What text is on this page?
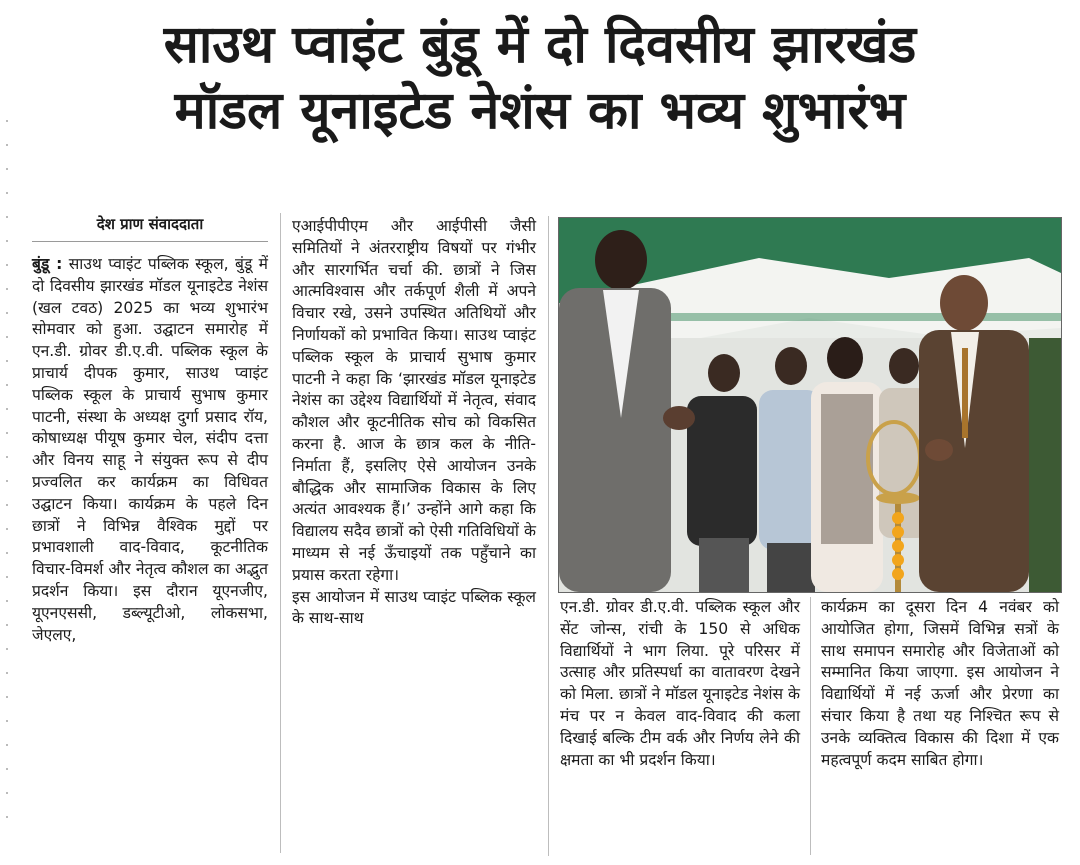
साउथ प्वाइंट बुंडू में दो दिवसीय झारखंड
मॉडल यूनाइटेड नेशंस का भव्य शुभारंभ
देश प्राण संवाददाता

बुंडू : साउथ प्वाइंट पब्लिक स्कूल, बुंडू में दो दिवसीय झारखंड मॉडल यूनाइटेड नेशंस (खल टवठ) 2025 का भव्य शुभारंभ सोमवार को हुआ. उद्घाटन समारोह में एन.डी. ग्रोवर डी.ए.वी. पब्लिक स्कूल के प्राचार्य दीपक कुमार, साउथ प्वाइंट पब्लिक स्कूल के प्राचार्य सुभाष कुमार पाटनी, संस्था के अध्यक्ष दुर्गा प्रसाद रॉय, कोषाध्यक्ष पीयूष कुमार चेल, संदीप दत्ता और विनय साहू ने संयुक्त रूप से दीप प्रज्वलित कर कार्यक्रम का विधिवत उद्घाटन किया। कार्यक्रम के पहले दिन छात्रों ने विभिन्न वैश्विक मुद्दों पर प्रभावशाली वाद-विवाद, कूटनीतिक विचार-विमर्श और नेतृत्व कौशल का अद्भुत प्रदर्शन किया। इस दौरान यूएनजीए, यूएनएससी, डब्ल्यूटीओ, लोकसभा, जेएलए,

एआईपीपीएम और आईपीसी जैसी समितियों ने अंतरराष्ट्रीय विषयों पर गंभीर और सारगर्भित चर्चा की. छात्रों ने जिस आत्मविश्वास और तर्कपूर्ण शैली में अपने विचार रखे, उसने उपस्थित अतिथियों और निर्णायकों को प्रभावित किया। साउथ प्वाइंट पब्लिक स्कूल के प्राचार्य सुभाष कुमार पाटनी ने कहा कि ‘झारखंड मॉडल यूनाइटेड नेशंस का उद्देश्य विद्यार्थियों में नेतृत्व, संवाद कौशल और कूटनीतिक सोच को विकसित करना है. आज के छात्र कल के नीति-निर्माता हैं, इसलिए ऐसे आयोजन उनके बौद्धिक और सामाजिक विकास के लिए अत्यंत आवश्यक हैं।’ उन्होंने आगे कहा कि विद्यालय सदैव छात्रों को ऐसी गतिविधियों के माध्यम से नई ऊँचाइयों तक पहुँचाने का प्रयास करता रहेगा।

इस आयोजन में साउथ प्वाइंट पब्लिक स्कूल के साथ-साथ

एन.डी. ग्रोवर डी.ए.वी. पब्लिक स्कूल और सेंट जोन्स, रांची के 150 से अधिक विद्यार्थियों ने भाग लिया. पूरे परिसर में उत्साह और प्रतिस्पर्धा का वातावरण देखने को मिला. छात्रों ने मॉडल यूनाइटेड नेशंस के मंच पर न केवल वाद-विवाद की कला दिखाई बल्कि टीम वर्क और निर्णय लेने की क्षमता का भी प्रदर्शन किया।

कार्यक्रम का दूसरा दिन 4 नवंबर को आयोजित होगा, जिसमें विभिन्न सत्रों के साथ समापन समारोह और विजेताओं को सम्मानित किया जाएगा. इस आयोजन ने विद्यार्थियों में नई ऊर्जा और प्रेरणा का संचार किया है तथा यह निश्चित रूप से उनके व्यक्तित्व विकास की दिशा में एक महत्वपूर्ण कदम साबित होगा।
